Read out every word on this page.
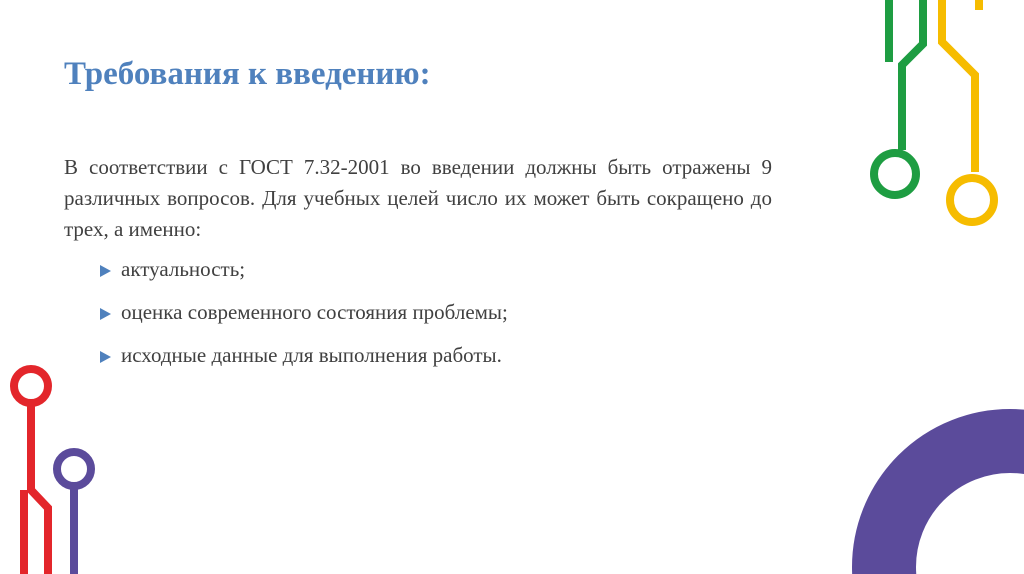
Требования к введению:

В соответствии с ГОСТ 7.32-2001 во введении должны быть отражены 9 различных вопросов. Для учебных целей число их может быть сокращено до трех, а именно:

актуальность;
оценка современного состояния проблемы;
исходные данные для выполнения работы.
